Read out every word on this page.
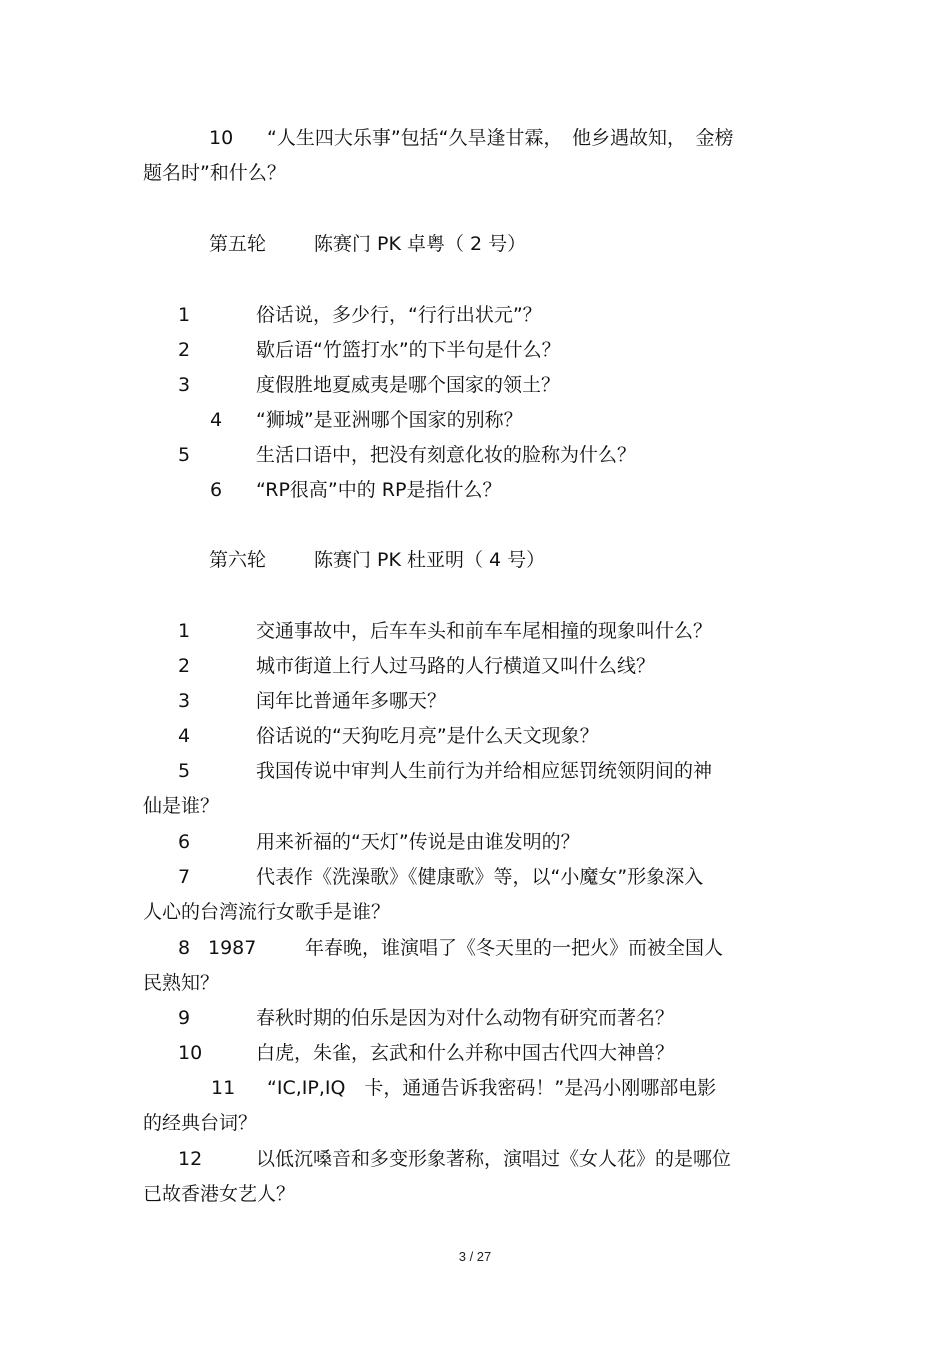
10 “人生四大乐事”包括“久旱逢甘霖，　他乡遇故知，　金榜
题名时”和什么？
第五轮	陈赛门 PK 卓粤（ 2 号）
1	俗话说，多少行，“行行出状元”？
2	歇后语“竹篮打水”的下半句是什么？
3	度假胜地夏威夷是哪个国家的领土？
4 “狮城”是亚洲哪个国家的别称？
5	生活口语中，把没有刻意化妆的脸称为什么？
6 “RP很高”中的 RP是指什么？
第六轮	陈赛门 PK 杜亚明（ 4 号）
1	交通事故中，后车车头和前车车尾相撞的现象叫什么？
2	城市街道上行人过马路的人行横道又叫什么线？
3	闰年比普通年多哪天？
4	俗话说的“天狗吃月亮”是什么天文现象？
5	我国传说中审判人生前行为并给相应惩罚统领阴间的神
仙是谁？
6	用来祈福的“天灯”传说是由谁发明的？
7	代表作《洗澡歌》《健康歌》等，以“小魔女”形象深入
人心的台湾流行女歌手是谁？
8 1987	年春晚，谁演唱了《冬天里的一把火》而被全国人
民熟知？
9	春秋时期的伯乐是因为对什么动物有研究而著名？
10	白虎，朱雀，玄武和什么并称中国古代四大神兽？
11 “IC,IP,IQ　卡，通通告诉我密码！”是冯小刚哪部电影
的经典台词？
12	以低沉嗓音和多变形象著称，演唱过《女人花》的是哪位
已故香港女艺人？
3 / 27
